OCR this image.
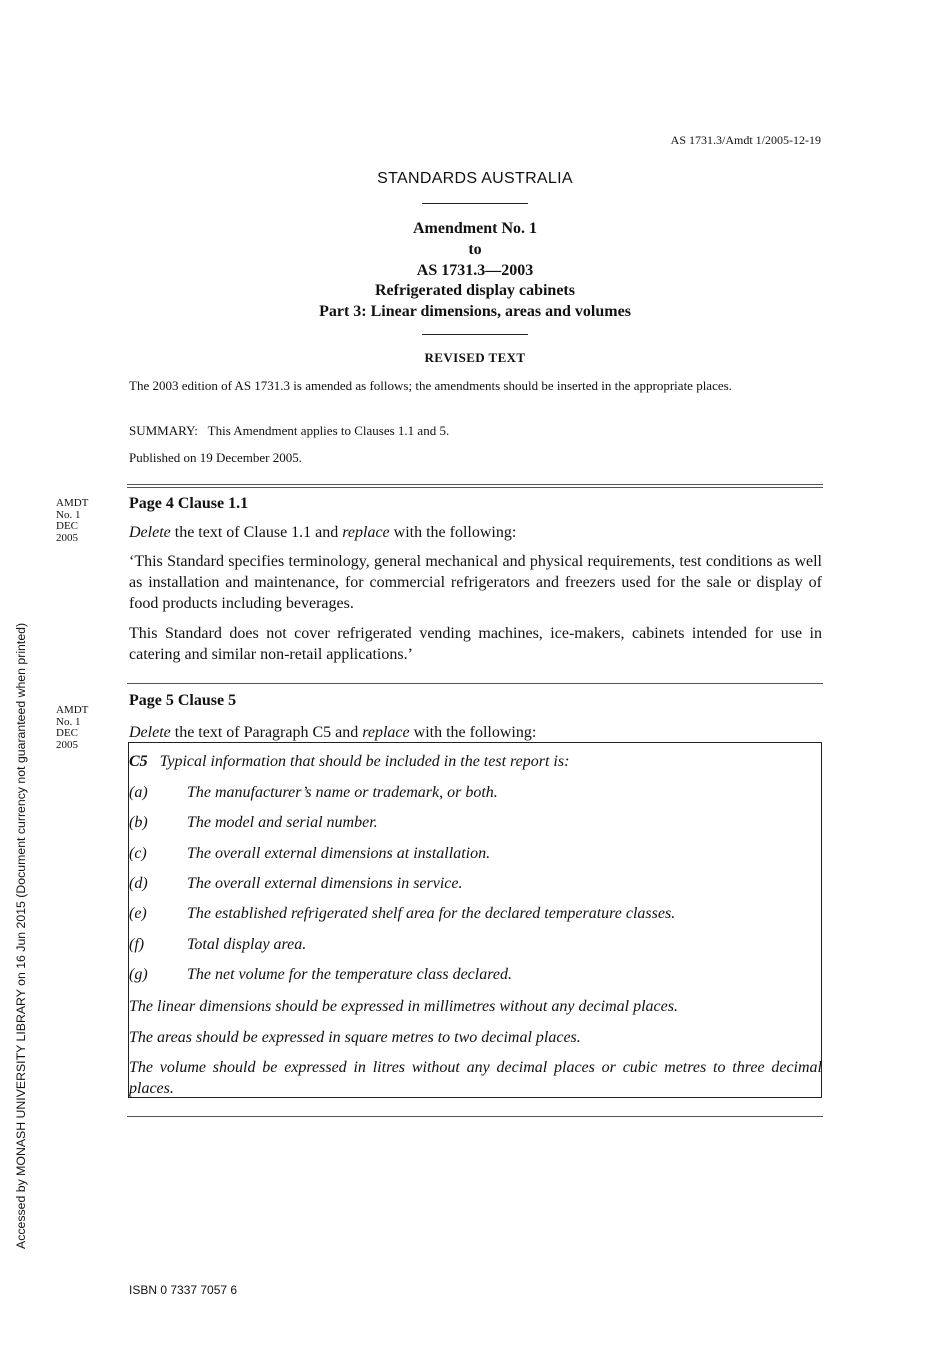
AS 1731.3/Amdt 1/2005-12-19
STANDARDS AUSTRALIA
Amendment No. 1
to
AS 1731.3—2003
Refrigerated display cabinets
Part 3: Linear dimensions, areas and volumes
REVISED TEXT
The 2003 edition of AS 1731.3 is amended as follows; the amendments should be inserted in the appropriate places.
SUMMARY: This Amendment applies to Clauses 1.1 and 5.
Published on 19 December 2005.
AMDT
No. 1
DEC
2005
Page 4 Clause 1.1
Delete the text of Clause 1.1 and replace with the following:
‘This Standard specifies terminology, general mechanical and physical requirements, test conditions as well as installation and maintenance, for commercial refrigerators and freezers used for the sale or display of food products including beverages.
This Standard does not cover refrigerated vending machines, ice-makers, cabinets intended for use in catering and similar non-retail applications.’
AMDT
No. 1
DEC
2005
Page 5 Clause 5
Delete the text of Paragraph C5 and replace with the following:
C5 Typical information that should be included in the test report is:
(a) The manufacturer’s name or trademark, or both.
(b) The model and serial number.
(c)	The overall external dimensions at installation.
(d) The overall external dimensions in service.
(e)	The established refrigerated shelf area for the declared temperature classes.
(f)	Total display area.
(g) The net volume for the temperature class declared.
The linear dimensions should be expressed in millimetres without any decimal places.
The areas should be expressed in square metres to two decimal places.
The volume should be expressed in litres without any decimal places or cubic metres to three decimal places.
Accessed by MONASH UNIVERSITY LIBRARY on 16 Jun 2015 (Document currency not guaranteed when printed)
ISBN 0 7337 7057 6
